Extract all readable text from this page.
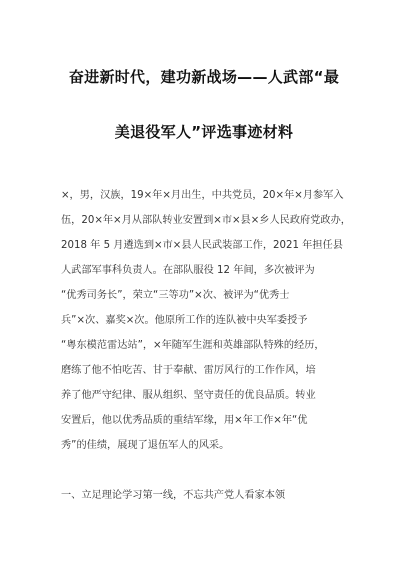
奋进新时代，建功新战场——人武部“最
美退役军人”评选事迹材料
×，男，汉族，19×年×月出生，中共党员，20×年×月参军入
伍，20×年×月从部队转业安置到×市×县×乡人民政府党政办，
2018 年 5 月遴选到×市×县人民武装部工作，2021 年担任县
人武部军事科负责人。在部队服役 12 年间，多次被评为
“优秀司务长”，荣立“三等功”×次、被评为“优秀士
兵”×次、嘉奖×次。他原所工作的连队被中央军委授予
“粤东模范雷达站”，×年随军生涯和英雄部队特殊的经历，
磨练了他不怕吃苦、甘于奉献、雷厉风行的工作作风，培
养了他严守纪律、服从组织、坚守责任的优良品质。转业
安置后，他以优秀品质的重结军缘，用×年工作×年“优
秀”的佳绩，展现了退伍军人的风采。
一、立足理论学习第一线，不忘共产党人看家本领
